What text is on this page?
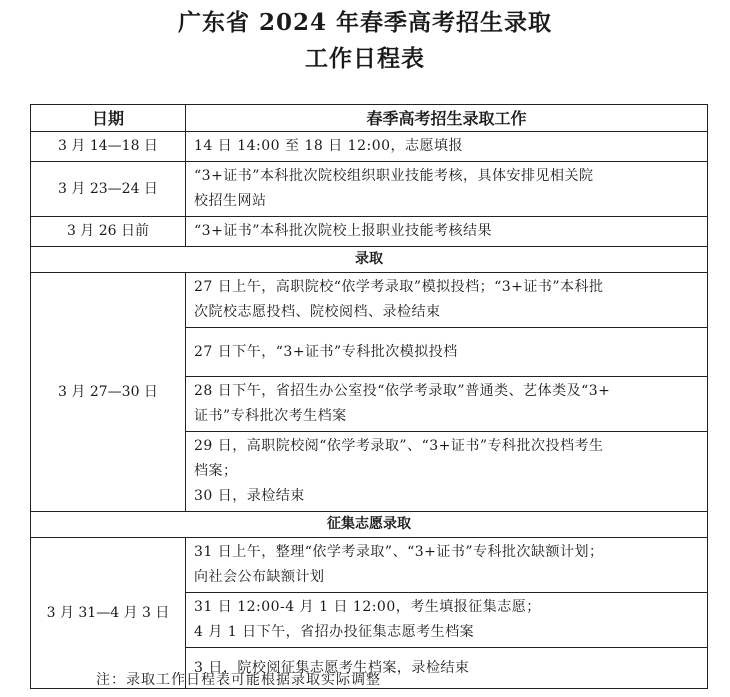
广东省 2024 年春季高考招生录取
工作日程表
日期	春季高考招生录取工作
3 月 14—18 日	14 日 14:00 至 18 日 12:00，志愿填报

3 月 23—24 日	“3+证书”本科批次院校组织职业技能考核，具体安排见相关院
校招生网站

3 月 26 日前	“3+证书”本科批次院校上报职业技能考核结果

录取	
3 月 27—30 日	27 日上午，高职院校“依学考录取”模拟投档；“3+证书”本科批
次院校志愿投档、院校阅档、录检结束

	27 日下午，“3+证书”专科批次模拟投档

	28 日下午，省招生办公室投“依学考录取”普通类、艺体类及“3+
证书”专科批次考生档案

	29 日，高职院校阅“依学考录取”、“3+证书”专科批次投档考生
档案；
30 日，录检结束

征集志愿录取	
3 月 31—4 月 3 日	31 日上午，整理“依学考录取”、“3+证书”专科批次缺额计划；
向社会公布缺额计划

	31 日 12:00-4 月 1 日 12:00，考生填报征集志愿；
4 月 1 日下午，省招办投征集志愿考生档案

	3 日，院校阅征集志愿考生档案，录检结束
注：录取工作日程表可能根据录取实际调整
